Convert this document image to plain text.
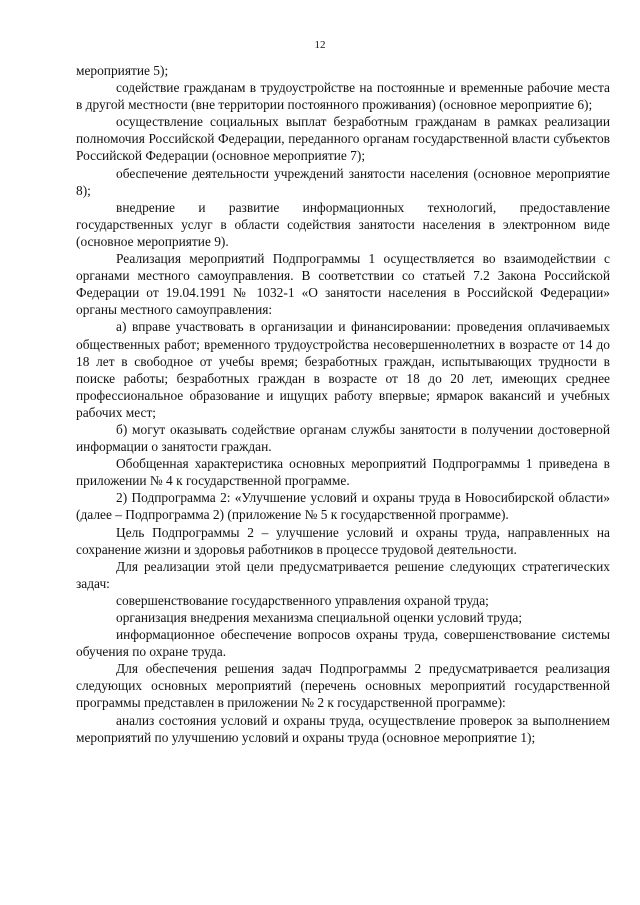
12

мероприятие 5);

содействие гражданам в трудоустройстве на постоянные и временные рабочие места в другой местности (вне территории постоянного проживания) (основное мероприятие 6);

осуществление социальных выплат безработным гражданам в рамках реализации полномочия Российской Федерации, переданного органам государственной власти субъектов Российской Федерации (основное мероприятие 7);

обеспечение деятельности учреждений занятости населения (основное мероприятие 8);

внедрение и развитие информационных технологий, предоставление государственных услуг в области содействия занятости населения в электронном виде (основное мероприятие 9).

Реализация мероприятий Подпрограммы 1 осуществляется во взаимодействии с органами местного самоуправления. В соответствии со статьей 7.2 Закона Российской Федерации от 19.04.1991 № 1032-1 «О занятости населения в Российской Федерации» органы местного самоуправления:

а) вправе участвовать в организации и финансировании: проведения оплачиваемых общественных работ; временного трудоустройства несовершеннолетних в возрасте от 14 до 18 лет в свободное от учебы время; безработных граждан, испытывающих трудности в поиске работы; безработных граждан в возрасте от 18 до 20 лет, имеющих среднее профессиональное образование и ищущих работу впервые; ярмарок вакансий и учебных рабочих мест;

б) могут оказывать содействие органам службы занятости в получении достоверной информации о занятости граждан.

Обобщенная характеристика основных мероприятий Подпрограммы 1 приведена в приложении № 4 к государственной программе.

2) Подпрограмма 2: «Улучшение условий и охраны труда в Новосибирской области» (далее – Подпрограмма 2) (приложение № 5 к государственной программе).

Цель Подпрограммы 2 – улучшение условий и охраны труда, направленных на сохранение жизни и здоровья работников в процессе трудовой деятельности.

Для реализации этой цели предусматривается решение следующих стратегических задач:

совершенствование государственного управления охраной труда;

организация внедрения механизма специальной оценки условий труда;

информационное обеспечение вопросов охраны труда, совершенствование системы обучения по охране труда.

Для обеспечения решения задач Подпрограммы 2 предусматривается реализация следующих основных мероприятий (перечень основных мероприятий государственной программы представлен в приложении № 2 к государственной программе):

анализ состояния условий и охраны труда, осуществление проверок за выполнением мероприятий по улучшению условий и охраны труда (основное мероприятие 1);
